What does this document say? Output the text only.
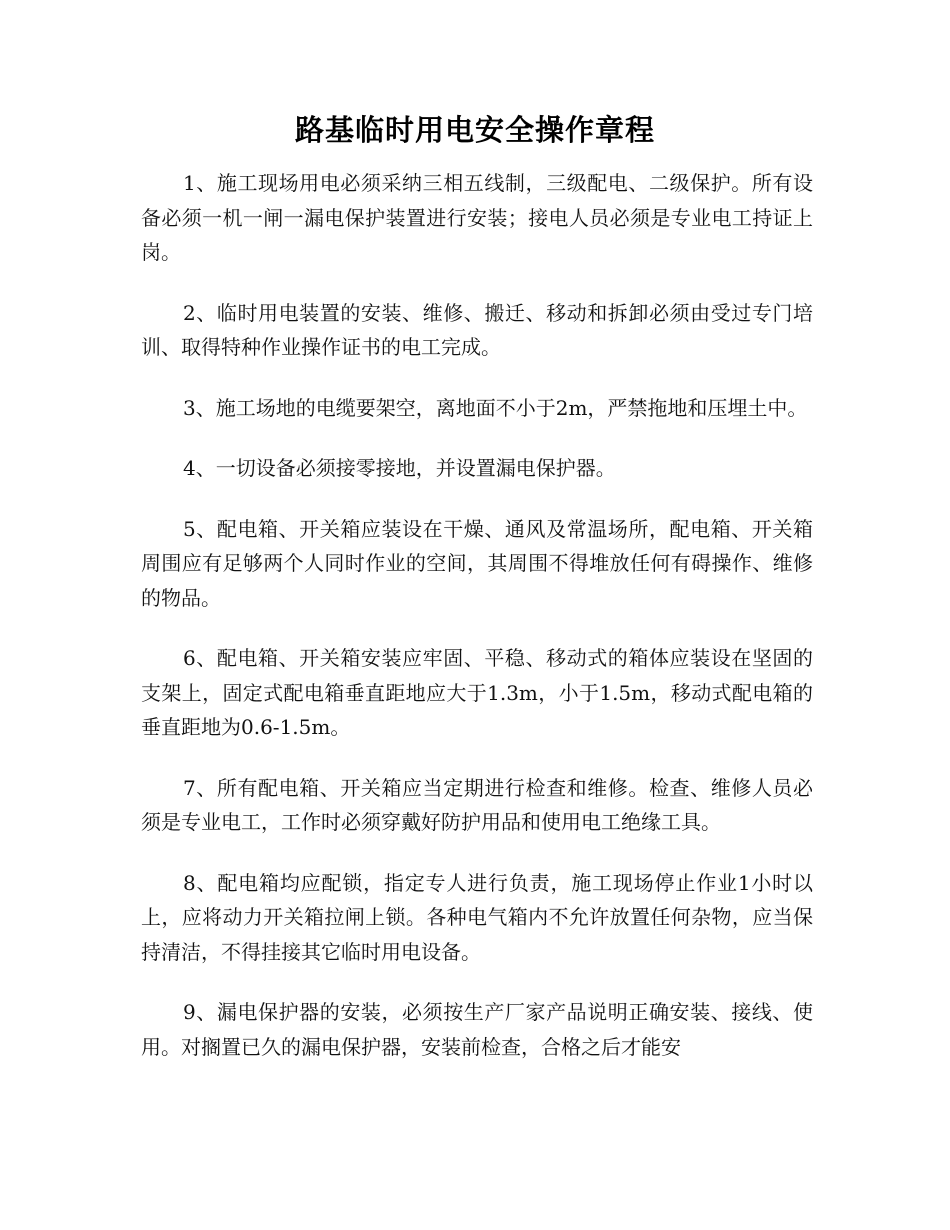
路基临时用电安全操作章程

1、施工现场用电必须采纳三相五线制，三级配电、二级保护。所有设备必须一机一闸一漏电保护装置进行安装；接电人员必须是专业电工持证上岗。

2、临时用电装置的安装、维修、搬迁、移动和拆卸必须由受过专门培训、取得特种作业操作证书的电工完成。

3、施工场地的电缆要架空，离地面不小于2m，严禁拖地和压埋土中。

4、一切设备必须接零接地，并设置漏电保护器。

5、配电箱、开关箱应装设在干燥、通风及常温场所，配电箱、开关箱周围应有足够两个人同时作业的空间，其周围不得堆放任何有碍操作、维修的物品。

6、配电箱、开关箱安装应牢固、平稳、移动式的箱体应装设在坚固的支架上，固定式配电箱垂直距地应大于1.3m，小于1.5m，移动式配电箱的垂直距地为0.6-1.5m。

7、所有配电箱、开关箱应当定期进行检查和维修。检查、维修人员必须是专业电工，工作时必须穿戴好防护用品和使用电工绝缘工具。

8、配电箱均应配锁，指定专人进行负责，施工现场停止作业1小时以上，应将动力开关箱拉闸上锁。各种电气箱内不允许放置任何杂物，应当保持清洁，不得挂接其它临时用电设备。

9、漏电保护器的安装，必须按生产厂家产品说明正确安装、接线、使用。对搁置已久的漏电保护器，安装前检查，合格之后才能安
